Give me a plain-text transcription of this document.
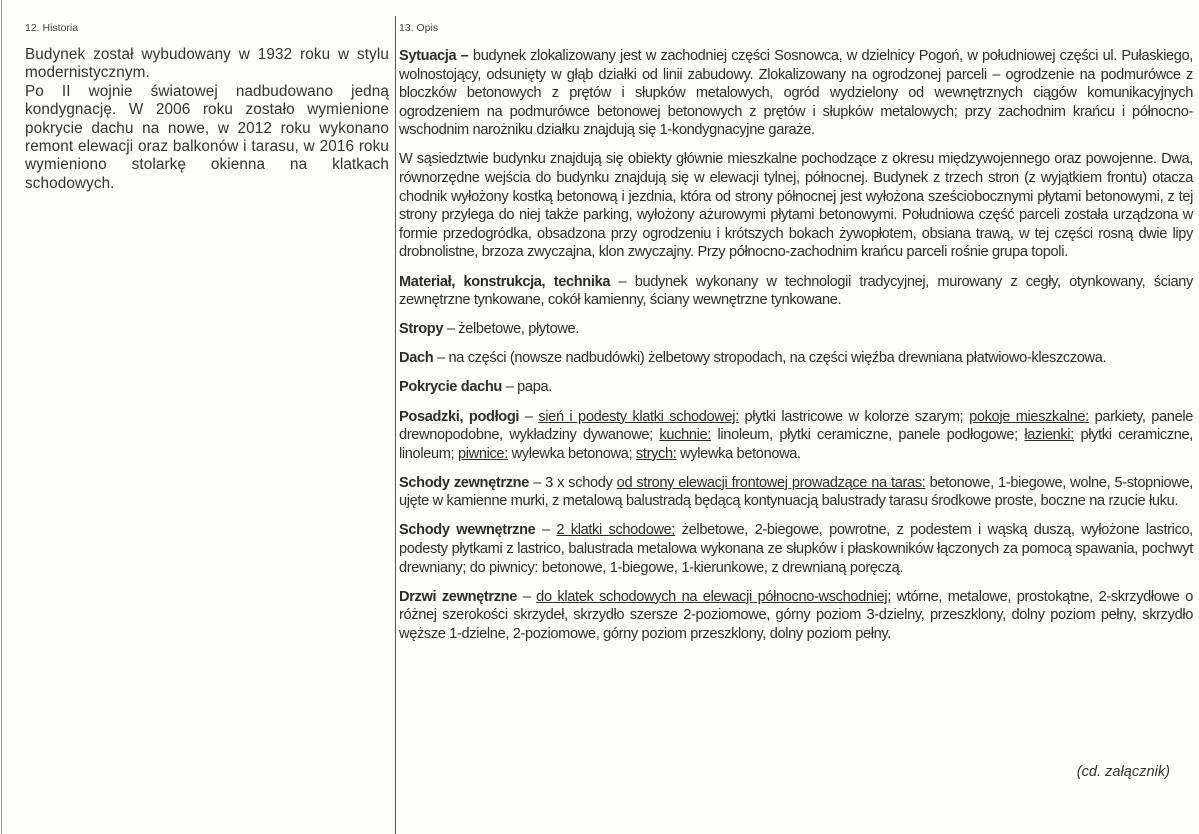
12. Historia	13. Opis

Budynek został wybudowany w 1932 roku w stylu modernistycznym.

Po II wojnie światowej nadbudowano jedną kondygnację. W 2006 roku zostało wymienione pokrycie dachu na nowe, w 2012 roku wykonano remont elewacji oraz balkonów i tarasu, w 2016 roku wymieniono stolarkę okienna na klatkach schodowych.

Sytuacja – budynek zlokalizowany jest w zachodniej części Sosnowca, w dzielnicy Pogoń, w południowej części ul. Pułaskiego, wolnostojący, odsunięty w głąb działki od linii zabudowy. Zlokalizowany na ogrodzonej parceli – ogrodzenie na podmurówce z bloczków betonowych z prętów i słupków metalowych, ogród wydzielony od wewnętrznych ciągów komunikacyjnych ogrodzeniem na podmurówce betonowej betonowych z prętów i słupków metalowych; przy zachodnim krańcu i północno-wschodnim narożniku działku znajdują się 1-kondygnacyjne garaże.

W sąsiedztwie budynku znajdują się obiekty głównie mieszkalne pochodzące z okresu międzywojennego oraz powojenne. Dwa, równorzędne wejścia do budynku znajdują się w elewacji tylnej, północnej. Budynek z trzech stron (z wyjątkiem frontu) otacza chodnik wyłożony kostką betonową i jezdnia, która od strony północnej jest wyłożona sześciobocznymi płytami betonowymi, z tej strony przylega do niej także parking, wyłożony ażurowymi płytami betonowymi. Południowa część parceli została urządzona w formie przedogródka, obsadzona przy ogrodzeniu i krótszych bokach żywopłotem, obsiana trawą, w tej części rosną dwie lipy drobnolistne, brzoza zwyczajna, klon zwyczajny. Przy północno-zachodnim krańcu parceli rośnie grupa topoli.

Materiał, konstrukcja, technika – budynek wykonany w technologii tradycyjnej, murowany z cegły, otynkowany, ściany zewnętrzne tynkowane, cokół kamienny, ściany wewnętrzne tynkowane.

Stropy – żelbetowe, płytowe.

Dach – na części (nowsze nadbudówki) żelbetowy stropodach, na części więźba drewniana płatwiowo-kleszczowa.

Pokrycie dachu – papa.

Posadzki, podłogi – sień i podesty klatki schodowej: płytki lastricowe w kolorze szarym; pokoje mieszkalne: parkiety, panele drewnopodobne, wykładziny dywanowe; kuchnie: linoleum, płytki ceramiczne, panele podłogowe; łazienki: płytki ceramiczne, linoleum; piwnice: wylewka betonowa; strych: wylewka betonowa.

Schody zewnętrzne – 3 x schody od strony elewacji frontowej prowadzące na taras: betonowe, 1-biegowe, wolne, 5-stopniowe, ujęte w kamienne murki, z metalową balustradą będącą kontynuacją balustrady tarasu środkowe proste, boczne na rzucie łuku.

Schody wewnętrzne – 2 klatki schodowe; żelbetowe, 2-biegowe, powrotne, z podestem i wąską duszą, wyłożone lastrico, podesty płytkami z lastrico, balustrada metalowa wykonana ze słupków i płaskowników łączonych za pomocą spawania, pochwyt drewniany; do piwnicy: betonowe, 1-biegowe, 1-kierunkowe, z drewnianą poręczą.

Drzwi zewnętrzne – do klatek schodowych na elewacji północno-wschodniej; wtórne, metalowe, prostokątne, 2-skrzydłowe o różnej szerokości skrzydeł, skrzydło szersze 2-poziomowe, górny poziom 3-dzielny, przeszklony, dolny poziom pełny, skrzydło węższe 1-dzielne, 2-poziomowe, górny poziom przeszklony, dolny poziom pełny.

(cd. załącznik)
